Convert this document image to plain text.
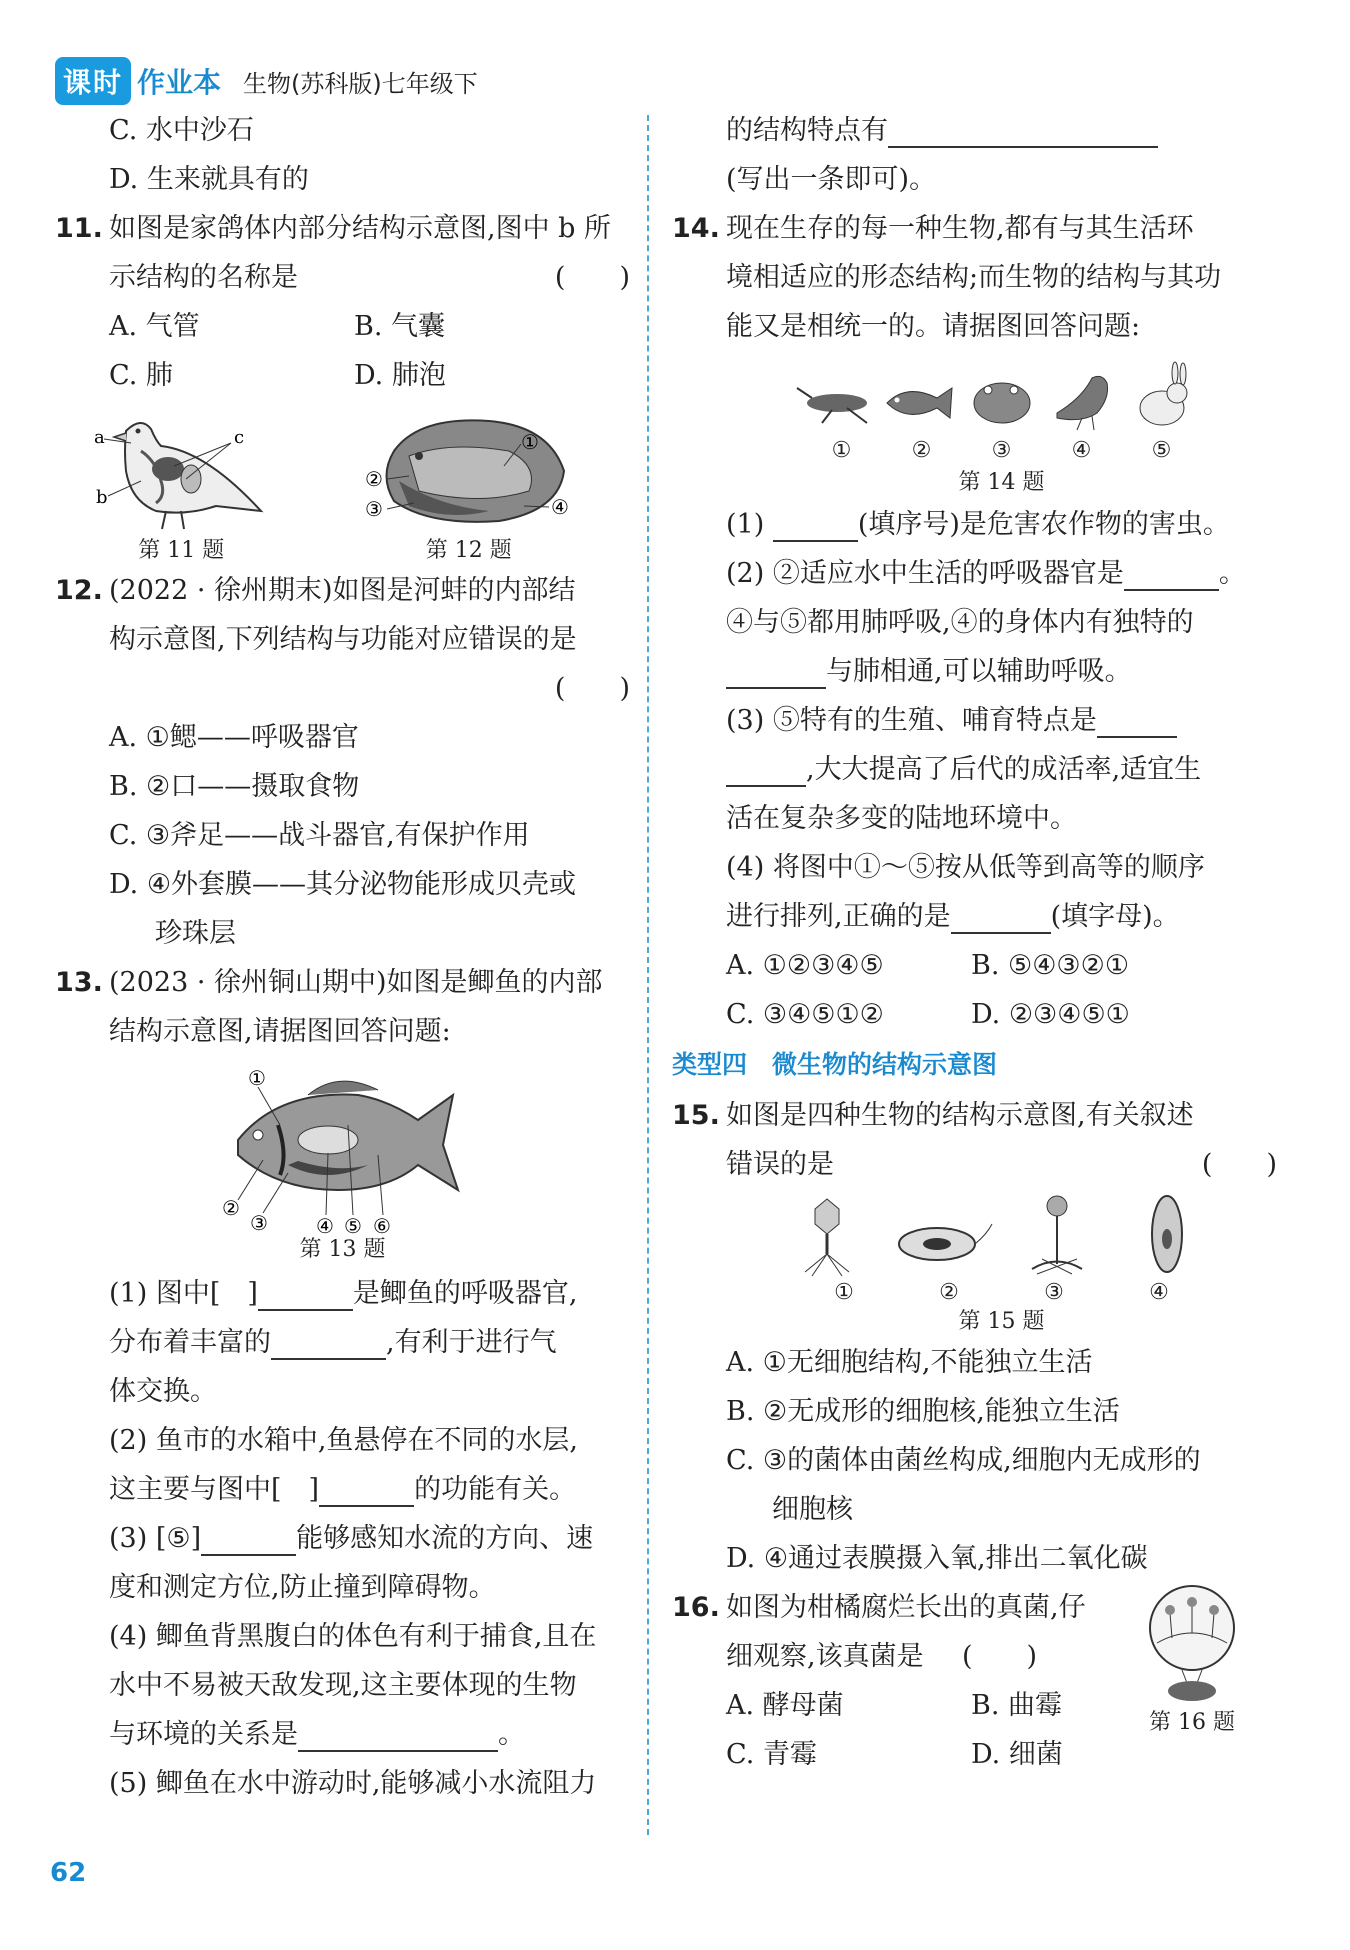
课时 作业本 生物(苏科版)七年级下
C. 水中沙石
D. 生来就具有的
11. 如图是家鸽体内部分结构示意图,图中 b 所
示结构的名称是	(　　)
A. 气管	B. 气囊
C. 肺	D. 肺泡
a
b
c
第 11 题
①
②
③	④
第 12 题
12. (2022 · 徐州期末)如图是河蚌的内部结
构示意图,下列结构与功能对应错误的是
(　　)
A. ①鳃——呼吸器官
B. ②口——摄取食物
C. ③斧足——战斗器官,有保护作用
D. ④外套膜——其分泌物能形成贝壳或
珍珠层
13. (2023 · 徐州铜山期中)如图是鲫鱼的内部
结构示意图,请据图回答问题:
①
②
③ ④ ⑤ ⑥
第 13 题
(1) 图中[　]	是鲫鱼的呼吸器官,
分布着丰富的	,有利于进行气
体交换。
(2) 鱼市的水箱中,鱼悬停在不同的水层,
这主要与图中[　]	的功能有关。
(3) [⑤]	能够感知水流的方向、速
度和测定方位,防止撞到障碍物。
(4) 鲫鱼背黑腹白的体色有利于捕食,且在
水中不易被天敌发现,这主要体现的生物
与环境的关系是	。
(5) 鲫鱼在水中游动时,能够减小水流阻力
的结构特点有
(写出一条即可)。
14. 现在生存的每一种生物,都有与其生活环
境相适应的形态结构;而生物的结构与其功
能又是相统一的。请据图回答问题:
①	②	③	④	⑤
第 14 题
(1)	(填序号)是危害农作物的害虫。
(2) ②适应水中生活的呼吸器官是	。
④与⑤都用肺呼吸,④的身体内有独特的
与肺相通,可以辅助呼吸。
(3) ⑤特有的生殖、哺育特点是
,大大提高了后代的成活率,适宜生
活在复杂多变的陆地环境中。
(4) 将图中①～⑤按从低等到高等的顺序
进行排列,正确的是	(填字母)。
A. ①②③④⑤	B. ⑤④③②①
C. ③④⑤①②	D. ②③④⑤①
类型四　微生物的结构示意图
15. 如图是四种生物的结构示意图,有关叙述
错误的是	(　　)
①	②	③	④
第 15 题
A. ①无细胞结构,不能独立生活
B. ②无成形的细胞核,能独立生活
C. ③的菌体由菌丝构成,细胞内无成形的
细胞核
D. ④通过表膜摄入氧,排出二氧化碳
16. 如图为柑橘腐烂长出的真菌,仔
细观察,该真菌是 (　　)
A. 酵母菌	B. 曲霉
C. 青霉	D. 细菌
第 16 题
62
